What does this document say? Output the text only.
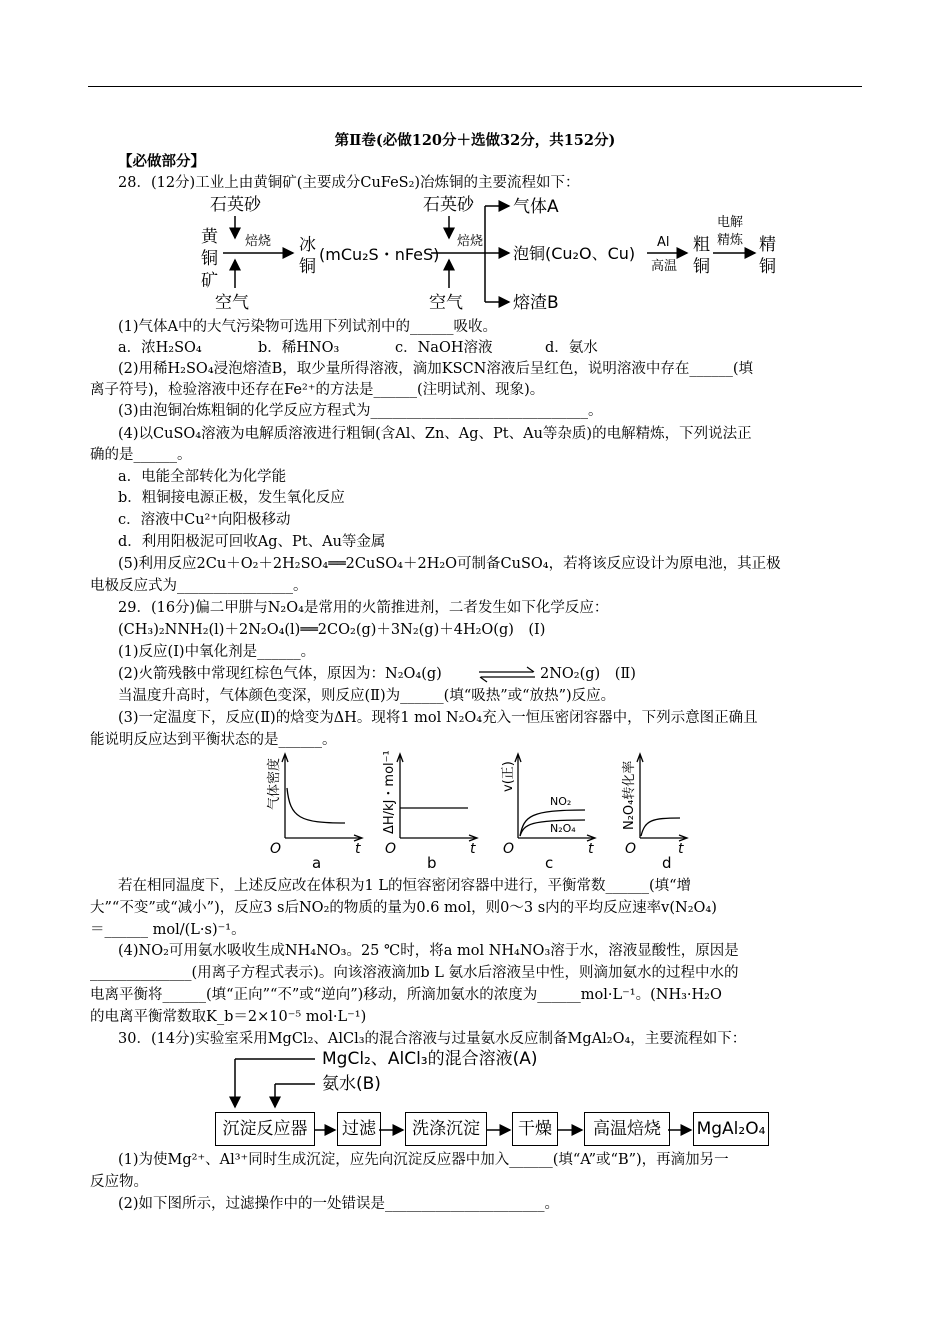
第Ⅱ卷(必做120分＋选做32分，共152分)
【必做部分】
28．(12分)工业上由黄铜矿(主要成分CuFeS₂)冶炼铜的主要流程如下：
石英砂
黄
铜
矿
焙烧
空气
冰
铜
(mCu₂S・nFeS)
石英砂
焙烧
空气
气体A
泡铜(Cu₂O、Cu)
熔渣B
Al
高温
粗
铜
电解
精炼 精
铜
(1)气体A中的大气污染物可选用下列试剂中的______吸收。
a．浓H₂SO₄	b．稀HNO₃	c．NaOH溶液	d．氨水
(2)用稀H₂SO₄浸泡熔渣B，取少量所得溶液，滴加KSCN溶液后呈红色，说明溶液中存在______(填
离子符号)，检验溶液中还存在Fe²⁺的方法是______(注明试剂、现象)。
(3)由泡铜冶炼粗铜的化学反应方程式为______________________________。
(4)以CuSO₄溶液为电解质溶液进行粗铜(含Al、Zn、Ag、Pt、Au等杂质)的电解精炼，下列说法正
确的是______。
a．电能全部转化为化学能
b．粗铜接电源正极，发生氧化反应
c．溶液中Cu²⁺向阳极移动
d．利用阳极泥可回收Ag、Pt、Au等金属
(5)利用反应2Cu＋O₂＋2H₂SO₄══2CuSO₄＋2H₂O可制备CuSO₄，若将该反应设计为原电池，其正极
电极反应式为________________。
29．(16分)偏二甲肼与N₂O₄是常用的火箭推进剂，二者发生如下化学反应：
(CH₃)₂NNH₂(l)＋2N₂O₄(l)══2CO₂(g)＋3N₂(g)＋4H₂O(g)　(Ⅰ)
(1)反应(Ⅰ)中氧化剂是______。
(2)火箭残骸中常现红棕色气体，原因为：N₂O₄(g) ⇌ 2NO₂(g)　(Ⅱ)
当温度升高时，气体颜色变深，则反应(Ⅱ)为______(填“吸热”或“放热”)反应。
(3)一定温度下，反应(Ⅱ)的焓变为ΔH。现将1 mol N₂O₄充入一恒压密闭容器中，下列示意图正确且
能说明反应达到平衡状态的是______。
气体密度
O	t
a
ΔH/kJ・mol⁻¹
O	t
b
v(正)
NO₂
N₂O₄
O	t
c
N₂O₄转化率
O	t
d
若在相同温度下，上述反应改在体积为1 L的恒容密闭容器中进行，平衡常数______(填“增
大”“不变”或“减小”)，反应3 s后NO₂的物质的量为0.6 mol，则0～3 s内的平均反应速率v(N₂O₄)
＝______ mol/(L·s)⁻¹。
(4)NO₂可用氨水吸收生成NH₄NO₃。25 ℃时，将a mol NH₄NO₃溶于水，溶液显酸性，原因是
______________(用离子方程式表示)。向该溶液滴加b L 氨水后溶液呈中性，则滴加氨水的过程中水的
电离平衡将______(填“正向”“不”或“逆向”)移动，所滴加氨水的浓度为______mol·L⁻¹。(NH₃·H₂O
的电离平衡常数取K_b＝2×10⁻⁵ mol·L⁻¹)
30．(14分)实验室采用MgCl₂、AlCl₃的混合溶液与过量氨水反应制备MgAl₂O₄，主要流程如下：
MgCl₂、AlCl₃的混合溶液(A)
氨水(B)
沉淀反应器	过滤	洗涤沉淀	干燥	高温焙烧	MgAl₂O₄
(1)为使Mg²⁺、Al³⁺同时生成沉淀，应先向沉淀反应器中加入______(填“A”或“B”)，再滴加另一
反应物。
(2)如下图所示，过滤操作中的一处错误是______________________。
